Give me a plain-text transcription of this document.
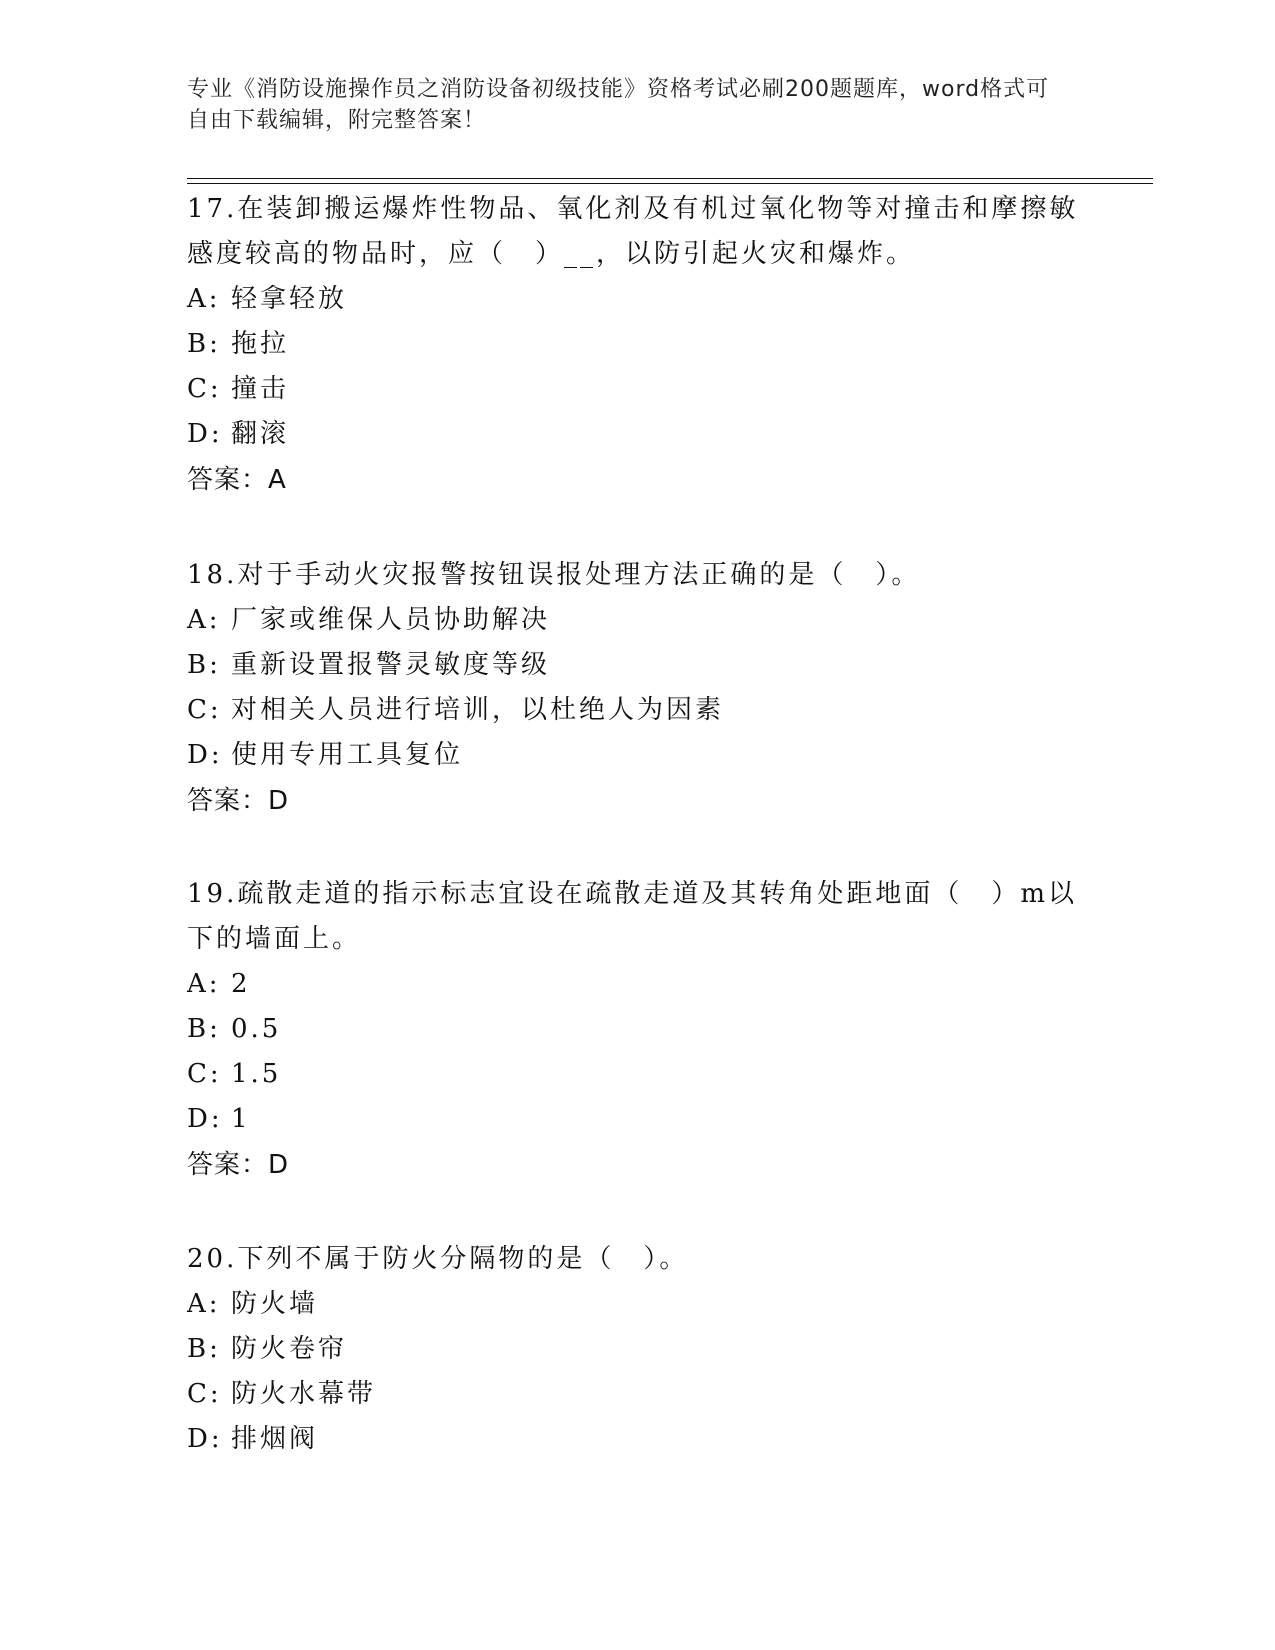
专业《消防设施操作员之消防设备初级技能》资格考试必刷200题题库，word格式可自由下载编辑，附完整答案！

17.在装卸搬运爆炸性物品、氧化剂及有机过氧化物等对撞击和摩擦敏感度较高的物品时，应（　）__，以防引起火灾和爆炸。

A: 轻拿轻放

B: 拖拉

C: 撞击

D: 翻滚

答案：A

18.对于手动火灾报警按钮误报处理方法正确的是（　）。

A: 厂家或维保人员协助解决

B: 重新设置报警灵敏度等级

C: 对相关人员进行培训，以杜绝人为因素

D: 使用专用工具复位

答案：D

19.疏散走道的指示标志宜设在疏散走道及其转角处距地面（　）m以下的墙面上。

A: 2

B: 0.5

C: 1.5

D: 1

答案：D

20.下列不属于防火分隔物的是（　）。

A: 防火墙

B: 防火卷帘

C: 防火水幕带

D: 排烟阀
